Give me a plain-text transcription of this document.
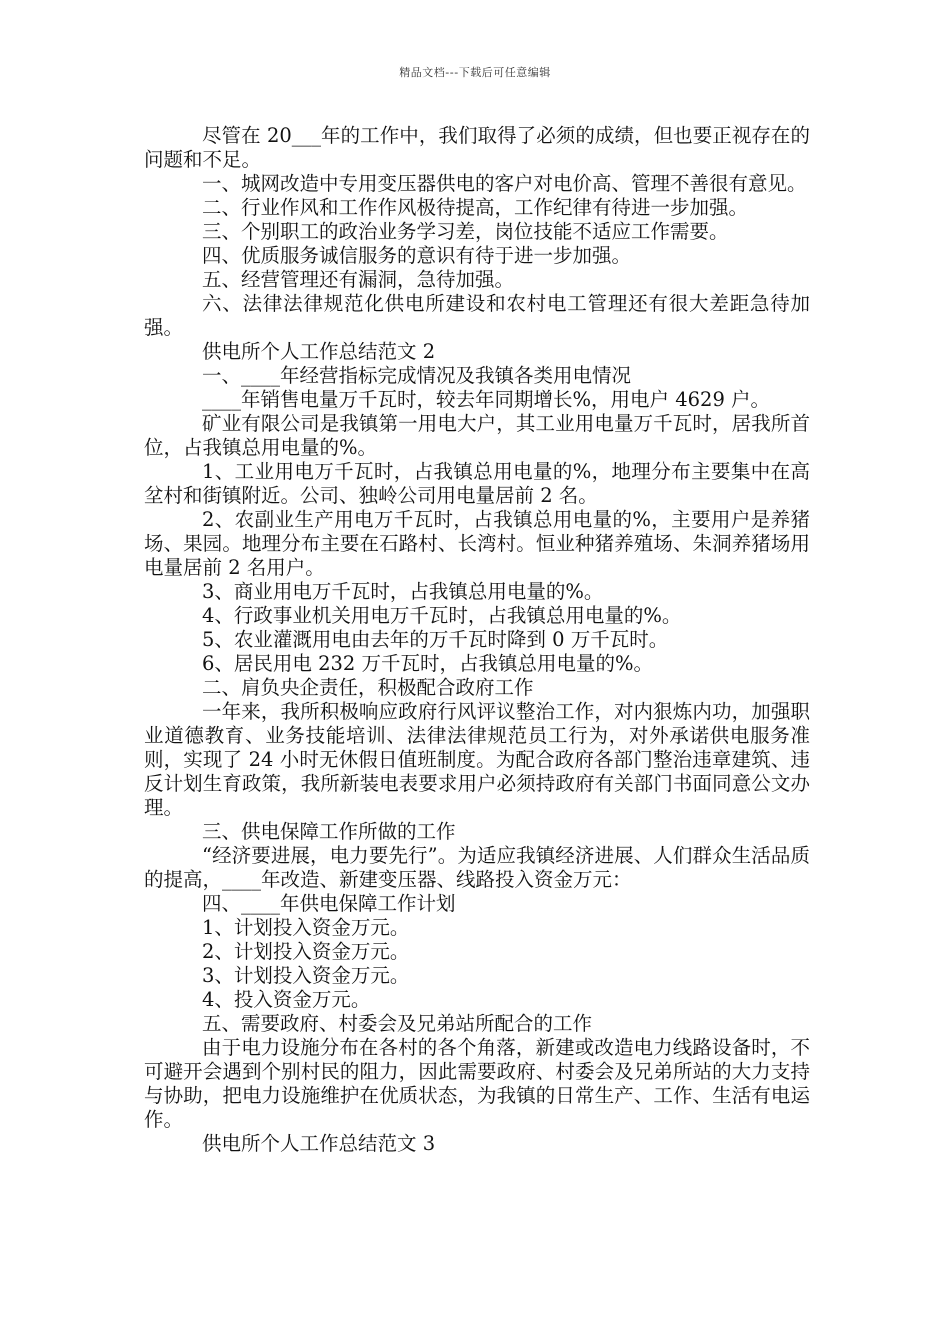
精品文档---下载后可任意编辑

尽管在 20___年的工作中，我们取得了必须的成绩，但也要正视存在的问题和不足。

一、城网改造中专用变压器供电的客户对电价高、管理不善很有意见。

二、行业作风和工作作风极待提高，工作纪律有待进一步加强。

三、个别职工的政治业务学习差，岗位技能不适应工作需要。

四、优质服务诚信服务的意识有待于进一步加强。

五、经营管理还有漏洞，急待加强。

六、法律法律规范化供电所建设和农村电工管理还有很大差距急待加强。

供电所个人工作总结范文 2

一、____年经营指标完成情况及我镇各类用电情况

____年销售电量万千瓦时，较去年同期增长%，用电户 4629 户。

矿业有限公司是我镇第一用电大户，其工业用电量万千瓦时，居我所首位，占我镇总用电量的%。

1、工业用电万千瓦时，占我镇总用电量的%，地理分布主要集中在高坌村和街镇附近。公司、独岭公司用电量居前 2 名。

2、农副业生产用电万千瓦时，占我镇总用电量的%，主要用户是养猪场、果园。地理分布主要在石路村、长湾村。恒业种猪养殖场、朱洞养猪场用电量居前 2 名用户。

3、商业用电万千瓦时，占我镇总用电量的%。

4、行政事业机关用电万千瓦时，占我镇总用电量的%。

5、农业灌溉用电由去年的万千瓦时降到 0 万千瓦时。

6、居民用电 232 万千瓦时，占我镇总用电量的%。

二、肩负央企责任，积极配合政府工作

一年来，我所积极响应政府行风评议整治工作，对内狠炼内功，加强职业道德教育、业务技能培训、法律法律规范员工行为，对外承诺供电服务准则，实现了 24 小时无休假日值班制度。为配合政府各部门整治违章建筑、违反计划生育政策，我所新装电表要求用户必须持政府有关部门书面同意公文办理。

三、供电保障工作所做的工作

“经济要进展，电力要先行”。为适应我镇经济进展、人们群众生活品质的提高，____年改造、新建变压器、线路投入资金万元：

四、____年供电保障工作计划

1、计划投入资金万元。

2、计划投入资金万元。

3、计划投入资金万元。

4、投入资金万元。

五、需要政府、村委会及兄弟站所配合的工作

由于电力设施分布在各村的各个角落，新建或改造电力线路设备时，不可避开会遇到个别村民的阻力，因此需要政府、村委会及兄弟所站的大力支持与协助，把电力设施维护在优质状态，为我镇的日常生产、工作、生活有电运作。

供电所个人工作总结范文 3
